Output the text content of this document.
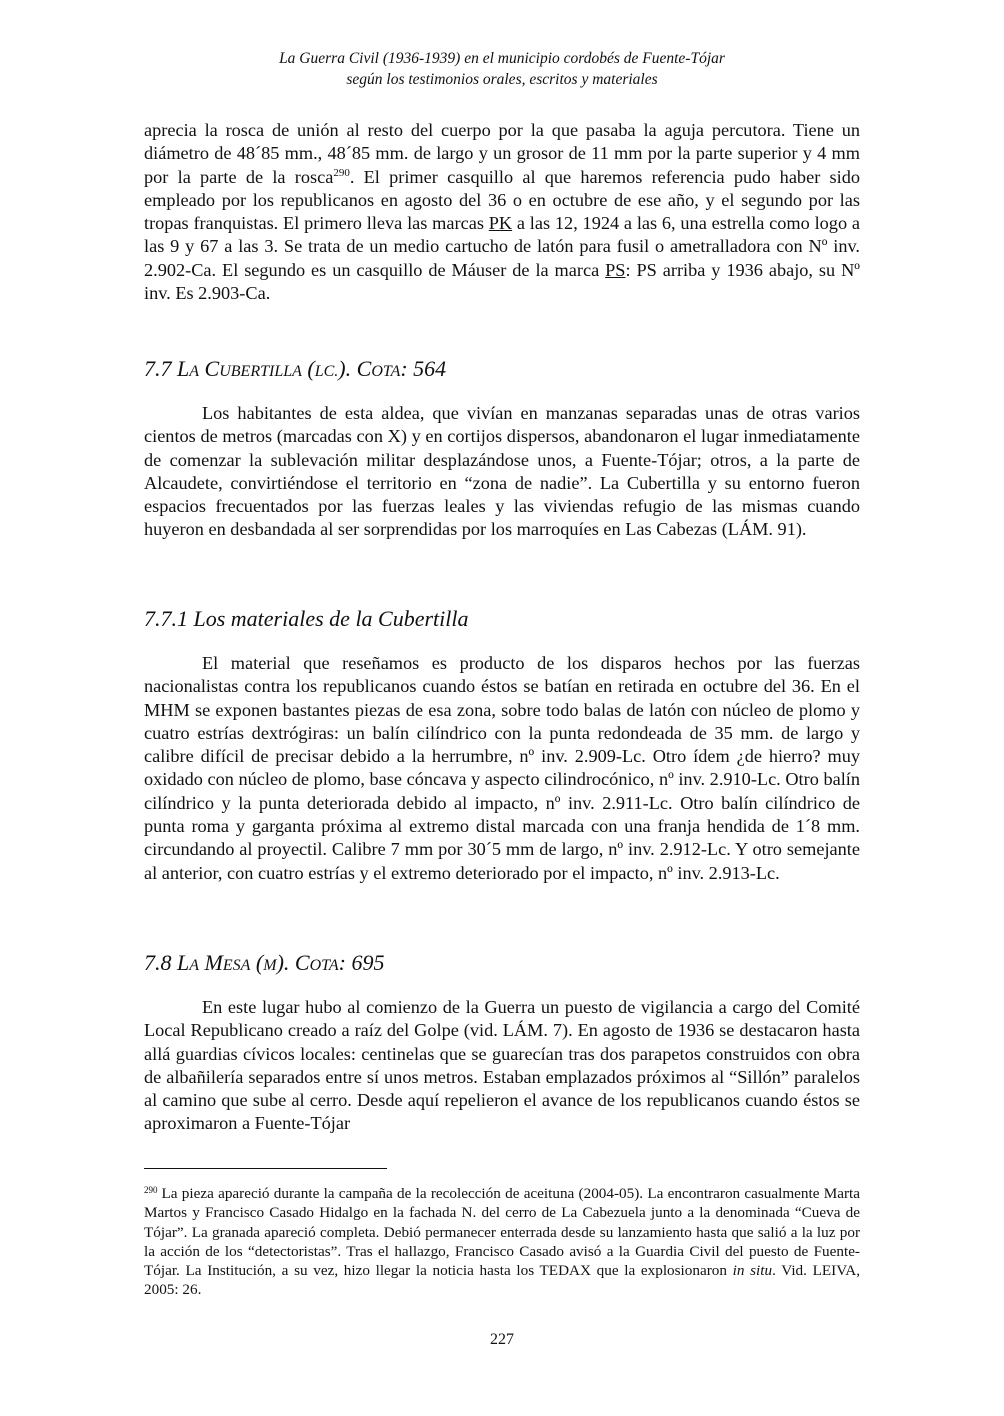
La Guerra Civil (1936-1939) en el municipio cordobés de Fuente-Tójar
según los testimonios orales, escritos y materiales

aprecia la rosca de unión al resto del cuerpo por la que pasaba la aguja percutora. Tiene un diámetro de 48´85 mm., 48´85 mm. de largo y un grosor de 11 mm por la parte superior y 4 mm por la parte de la rosca$^{290}$. El primer casquillo al que haremos referencia pudo haber sido empleado por los republicanos en agosto del 36 o en octubre de ese año, y el segundo por las tropas franquistas. El primero lleva las marcas PK a las 12, 1924 a las 6, una estrella como logo a las 9 y 67 a las 3. Se trata de un medio cartucho de latón para fusil o ametralladora con Nº inv. 2.902-Ca. El segundo es un casquillo de Máuser de la marca PS: PS arriba y 1936 abajo, su Nº inv. Es 2.903-Ca.

7.7 LA CUBERTILLA (LC.). COTA: 564

Los habitantes de esta aldea, que vivían en manzanas separadas unas de otras varios cientos de metros (marcadas con X) y en cortijos dispersos, abandonaron el lugar inmediatamente de comenzar la sublevación militar desplazándose unos, a Fuente-Tójar; otros, a la parte de Alcaudete, convirtiéndose el territorio en “zona de nadie”. La Cubertilla y su entorno fueron espacios frecuentados por las fuerzas leales y las viviendas refugio de las mismas cuando huyeron en desbandada al ser sorprendidas por los marroquíes en Las Cabezas (LÁM. 91).

7.7.1 Los materiales de la Cubertilla

El material que reseñamos es producto de los disparos hechos por las fuerzas nacionalistas contra los republicanos cuando éstos se batían en retirada en octubre del 36. En el MHM se exponen bastantes piezas de esa zona, sobre todo balas de latón con núcleo de plomo y cuatro estrías dextrógiras: un balín cilíndrico con la punta redondeada de 35 mm. de largo y calibre difícil de precisar debido a la herrumbre, nº inv. 2.909-Lc. Otro ídem ¿de hierro? muy oxidado con núcleo de plomo, base cóncava y aspecto cilindrocónico, nº inv. 2.910-Lc. Otro balín cilíndrico y la punta deteriorada debido al impacto, nº inv. 2.911-Lc. Otro balín cilíndrico de punta roma y garganta próxima al extremo distal marcada con una franja hendida de 1´8 mm. circundando al proyectil. Calibre 7 mm por 30´5 mm de largo, nº inv. 2.912-Lc. Y otro semejante al anterior, con cuatro estrías y el extremo deteriorado por el impacto, nº inv. 2.913-Lc.

7.8 LA MESA (M). COTA: 695

En este lugar hubo al comienzo de la Guerra un puesto de vigilancia a cargo del Comité Local Republicano creado a raíz del Golpe (vid. LÁM. 7). En agosto de 1936 se destacaron hasta allá guardias cívicos locales: centinelas que se guarecían tras dos parapetos construidos con obra de albañilería separados entre sí unos metros. Estaban emplazados próximos al “Sillón” paralelos al camino que sube al cerro. Desde aquí repelieron el avance de los republicanos cuando éstos se aproximaron a Fuente-Tójar

$^{290}$ La pieza apareció durante la campaña de la recolección de aceituna (2004-05). La encontraron casualmente Marta Martos y Francisco Casado Hidalgo en la fachada N. del cerro de La Cabezuela junto a la denominada “Cueva de Tójar”. La granada apareció completa. Debió permanecer enterrada desde su lanzamiento hasta que salió a la luz por la acción de los “detectoristas”. Tras el hallazgo, Francisco Casado avisó a la Guardia Civil del puesto de Fuente-Tójar. La Institución, a su vez, hizo llegar la noticia hasta los TEDAX que la explosionaron in situ. Vid. LEIVA, 2005: 26.

227
